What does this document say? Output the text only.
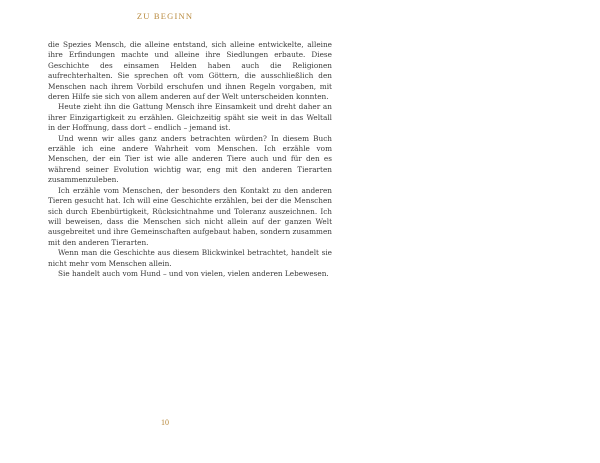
ZU BEGINN

die Spezies Mensch, die alleine entstand, sich alleine entwickelte, alleine ihre Erfindungen machte und alleine ihre Siedlungen erbaute. Diese Geschichte des einsamen Helden haben auch die Religionen aufrechterhalten. Sie sprechen oft vom Göttern, die ausschließlich den Menschen nach ihrem Vorbild erschufen und ihnen Regeln vorgaben, mit deren Hilfe sie sich von allem anderen auf der Welt unterscheiden konnten.

Heute zieht ihn die Gattung Mensch ihre Einsamkeit und dreht daher an ihrer Einzigartigkeit zu erzählen. Gleichzeitig späht sie weit in das Weltall in der Hoffnung, dass dort – endlich – jemand ist.

Und wenn wir alles ganz anders betrachten würden? In diesem Buch erzähle ich eine andere Wahrheit vom Menschen. Ich erzähle vom Menschen, der ein Tier ist wie alle anderen Tiere auch und für den es während seiner Evolution wichtig war, eng mit den anderen Tierarten zusammenzuleben.

Ich erzähle vom Menschen, der besonders den Kontakt zu den anderen Tieren gesucht hat. Ich will eine Geschichte erzählen, bei der die Menschen sich durch Ebenbürtigkeit, Rücksichtnahme und Toleranz auszeichnen. Ich will beweisen, dass die Menschen sich nicht allein auf der ganzen Welt ausgebreitet und ihre Gemeinschaften aufgebaut haben, sondern zusammen mit den anderen Tierarten.

Wenn man die Geschichte aus diesem Blickwinkel betrachtet, handelt sie nicht mehr vom Menschen allein.

Sie handelt auch vom Hund – und von vielen, vielen anderen Lebewesen.

10
